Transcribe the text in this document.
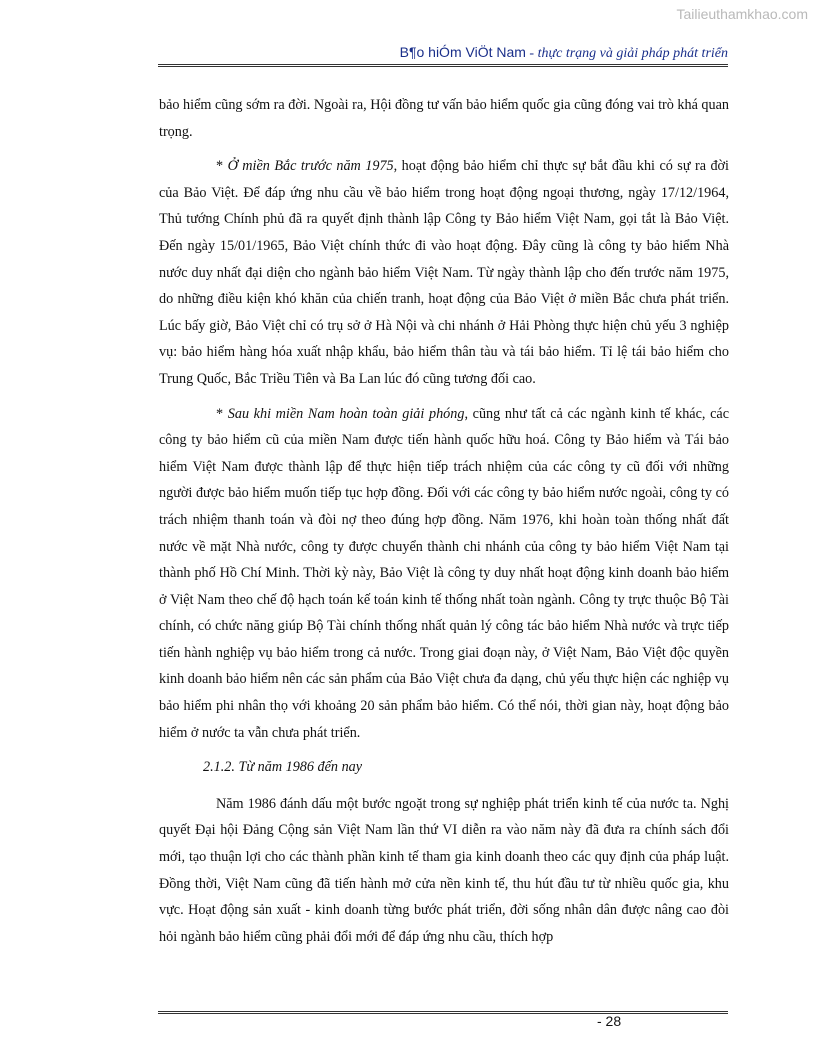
Tailieuthamkhao.com
B¶o hiÓm ViÖt Nam - thực trạng và giải pháp phát triển

bảo hiểm cũng sớm ra đời. Ngoài ra, Hội đồng tư vấn bảo hiểm quốc gia cũng đóng vai trò khá quan trọng.

* Ở miền Bắc trước năm 1975, hoạt động bảo hiểm chỉ thực sự bắt đầu khi có sự ra đời của Bảo Việt. Để đáp ứng nhu cầu về bảo hiểm trong hoạt động ngoại thương, ngày 17/12/1964, Thủ tướng Chính phủ đã ra quyết định thành lập Công ty Bảo hiểm Việt Nam, gọi tắt là Bảo Việt. Đến ngày 15/01/1965, Bảo Việt chính thức đi vào hoạt động. Đây cũng là công ty bảo hiểm Nhà nước duy nhất đại diện cho ngành bảo hiểm Việt Nam. Từ ngày thành lập cho đến trước năm 1975, do những điều kiện khó khăn của chiến tranh, hoạt động của Bảo Việt ở miền Bắc chưa phát triển. Lúc bấy giờ, Bảo Việt chỉ có trụ sở ở Hà Nội và chi nhánh ở Hải Phòng thực hiện chủ yếu 3 nghiệp vụ: bảo hiểm hàng hóa xuất nhập khẩu, bảo hiểm thân tàu và tái bảo hiểm. Tỉ lệ tái bảo hiểm cho Trung Quốc, Bắc Triều Tiên và Ba Lan lúc đó cũng tương đối cao.

* Sau khi miền Nam hoàn toàn giải phóng, cũng như tất cả các ngành kinh tế khác, các công ty bảo hiểm cũ của miền Nam được tiến hành quốc hữu hoá. Công ty Bảo hiểm và Tái bảo hiểm Việt Nam được thành lập để thực hiện tiếp trách nhiệm của các công ty cũ đối với những người được bảo hiểm muốn tiếp tục hợp đồng. Đối với các công ty bảo hiểm nước ngoài, công ty có trách nhiệm thanh toán và đòi nợ theo đúng hợp đồng. Năm 1976, khi hoàn toàn thống nhất đất nước về mặt Nhà nước, công ty được chuyển thành chi nhánh của công ty bảo hiểm Việt Nam tại thành phố Hồ Chí Minh. Thời kỳ này, Bảo Việt là công ty duy nhất hoạt động kinh doanh bảo hiểm ở Việt Nam theo chế độ hạch toán kế toán kinh tế thống nhất toàn ngành. Công ty trực thuộc Bộ Tài chính, có chức năng giúp Bộ Tài chính thống nhất quản lý công tác bảo hiểm Nhà nước và trực tiếp tiến hành nghiệp vụ bảo hiểm trong cả nước. Trong giai đoạn này, ở Việt Nam, Bảo Việt độc quyền kinh doanh bảo hiểm nên các sản phẩm của Bảo Việt chưa đa dạng, chủ yếu thực hiện các nghiệp vụ bảo hiểm phi nhân thọ với khoảng 20 sản phẩm bảo hiểm. Có thể nói, thời gian này, hoạt động bảo hiểm ở nước ta vẫn chưa phát triển.

2.1.2. Từ năm 1986 đến nay

Năm 1986 đánh dấu một bước ngoặt trong sự nghiệp phát triển kinh tế của nước ta. Nghị quyết Đại hội Đảng Cộng sản Việt Nam lần thứ VI diễn ra vào năm này đã đưa ra chính sách đổi mới, tạo thuận lợi cho các thành phần kinh tế tham gia kinh doanh theo các quy định của pháp luật. Đồng thời, Việt Nam cũng đã tiến hành mở cửa nền kinh tế, thu hút đầu tư từ nhiều quốc gia, khu vực. Hoạt động sản xuất - kinh doanh từng bước phát triển, đời sống nhân dân được nâng cao đòi hỏi ngành bảo hiểm cũng phải đổi mới để đáp ứng nhu cầu, thích hợp

- 28
